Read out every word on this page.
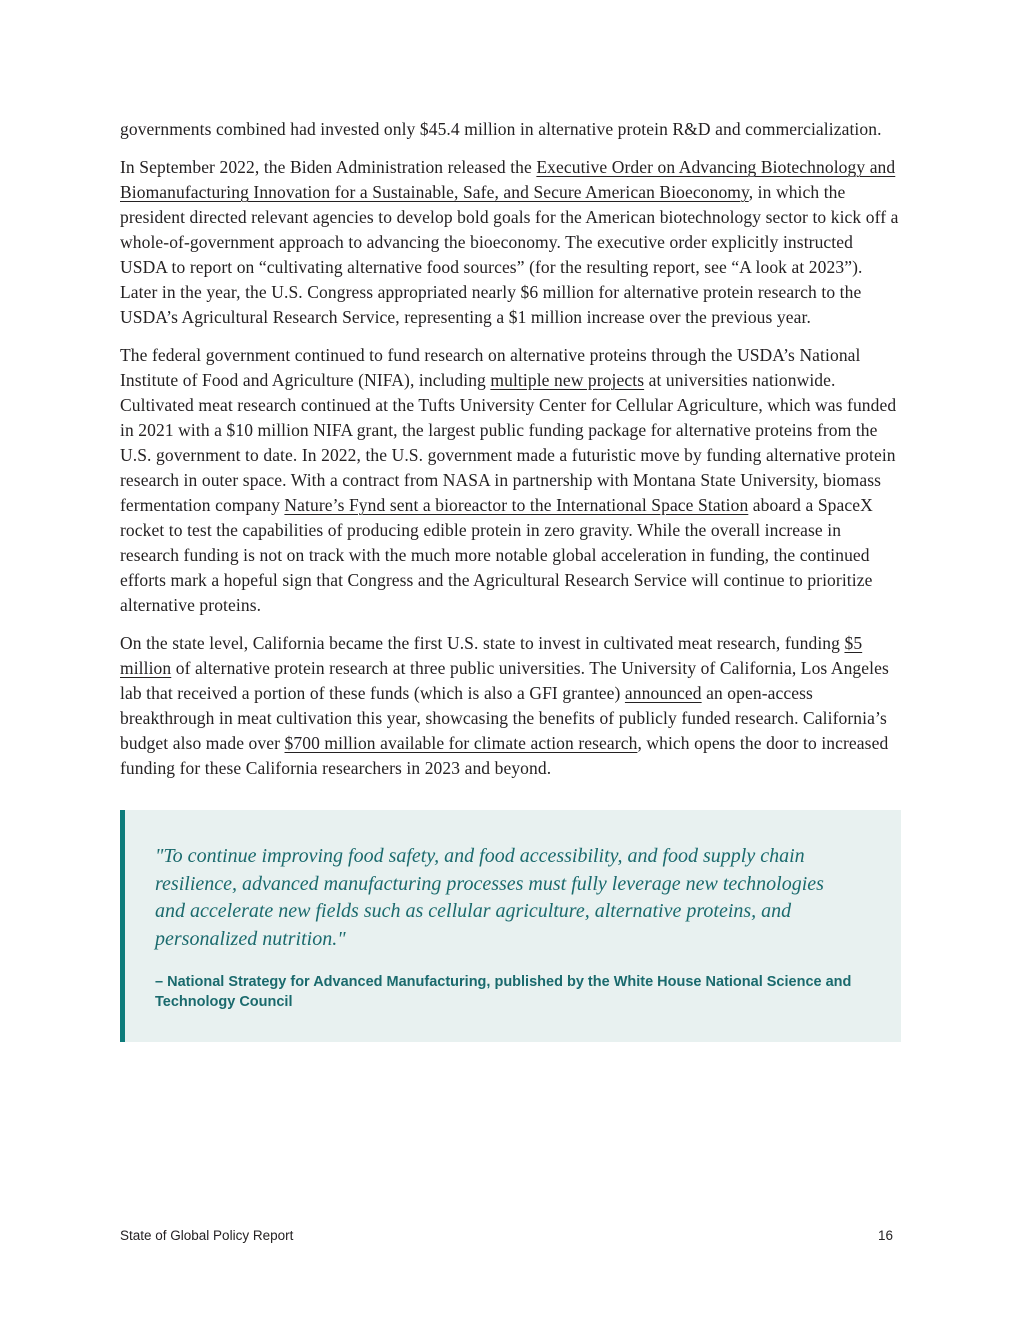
governments combined had invested only $45.4 million in alternative protein R&D and commercialization.

In September 2022, the Biden Administration released the Executive Order on Advancing Biotechnology and Biomanufacturing Innovation for a Sustainable, Safe, and Secure American Bioeconomy, in which the president directed relevant agencies to develop bold goals for the American biotechnology sector to kick off a whole-of-government approach to advancing the bioeconomy. The executive order explicitly instructed USDA to report on “cultivating alternative food sources” (for the resulting report, see “A look at 2023”). Later in the year, the U.S. Congress appropriated nearly $6 million for alternative protein research to the USDA’s Agricultural Research Service, representing a $1 million increase over the previous year.

The federal government continued to fund research on alternative proteins through the USDA’s National Institute of Food and Agriculture (NIFA), including multiple new projects at universities nationwide. Cultivated meat research continued at the Tufts University Center for Cellular Agriculture, which was funded in 2021 with a $10 million NIFA grant, the largest public funding package for alternative proteins from the U.S. government to date. In 2022, the U.S. government made a futuristic move by funding alternative protein research in outer space. With a contract from NASA in partnership with Montana State University, biomass fermentation company Nature’s Fynd sent a bioreactor to the International Space Station aboard a SpaceX rocket to test the capabilities of producing edible protein in zero gravity. While the overall increase in research funding is not on track with the much more notable global acceleration in funding, the continued efforts mark a hopeful sign that Congress and the Agricultural Research Service will continue to prioritize alternative proteins.

On the state level, California became the first U.S. state to invest in cultivated meat research, funding $5 million of alternative protein research at three public universities. The University of California, Los Angeles lab that received a portion of these funds (which is also a GFI grantee) announced an open-access breakthrough in meat cultivation this year, showcasing the benefits of publicly funded research. California’s budget also made over $700 million available for climate action research, which opens the door to increased funding for these California researchers in 2023 and beyond.

"To continue improving food safety, and food accessibility, and food supply chain resilience, advanced manufacturing processes must fully leverage new technologies and accelerate new fields such as cellular agriculture, alternative proteins, and personalized nutrition."
– National Strategy for Advanced Manufacturing, published by the White House National Science and Technology Council
State of Global Policy Report	16
